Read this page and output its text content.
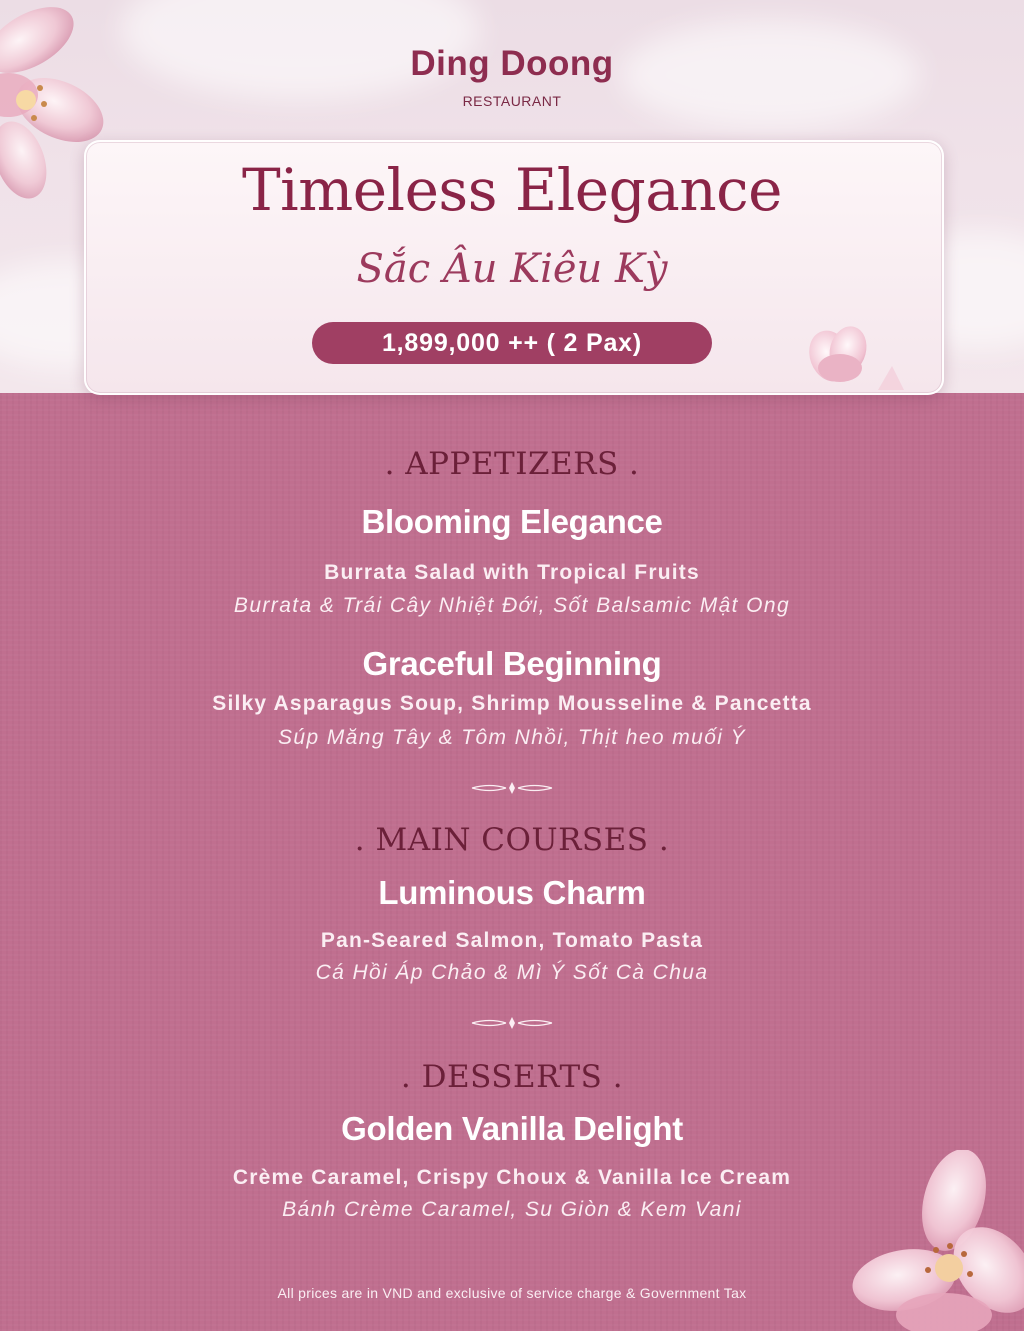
Ding Doong
RESTAURANT
Timeless Elegance
Sắc Âu Kiêu Kỳ
1,899,000 ++ ( 2 Pax)
. APPETIZERS .
Blooming Elegance
Burrata Salad with Tropical Fruits
Burrata & Trái Cây Nhiệt Đới, Sốt Balsamic Mật Ong
Graceful Beginning
Silky Asparagus Soup, Shrimp Mousseline & Pancetta
Súp Măng Tây & Tôm Nhồi, Thịt heo muối Ý
. MAIN COURSES .
Luminous Charm
Pan-Seared Salmon, Tomato Pasta
Cá Hồi Áp Chảo & Mì Ý Sốt Cà Chua
. DESSERTS .
Golden Vanilla Delight
Crème Caramel, Crispy Choux & Vanilla Ice Cream
Bánh Crème Caramel, Su Giòn & Kem Vani
All prices are in VND and exclusive of service charge & Government Tax
